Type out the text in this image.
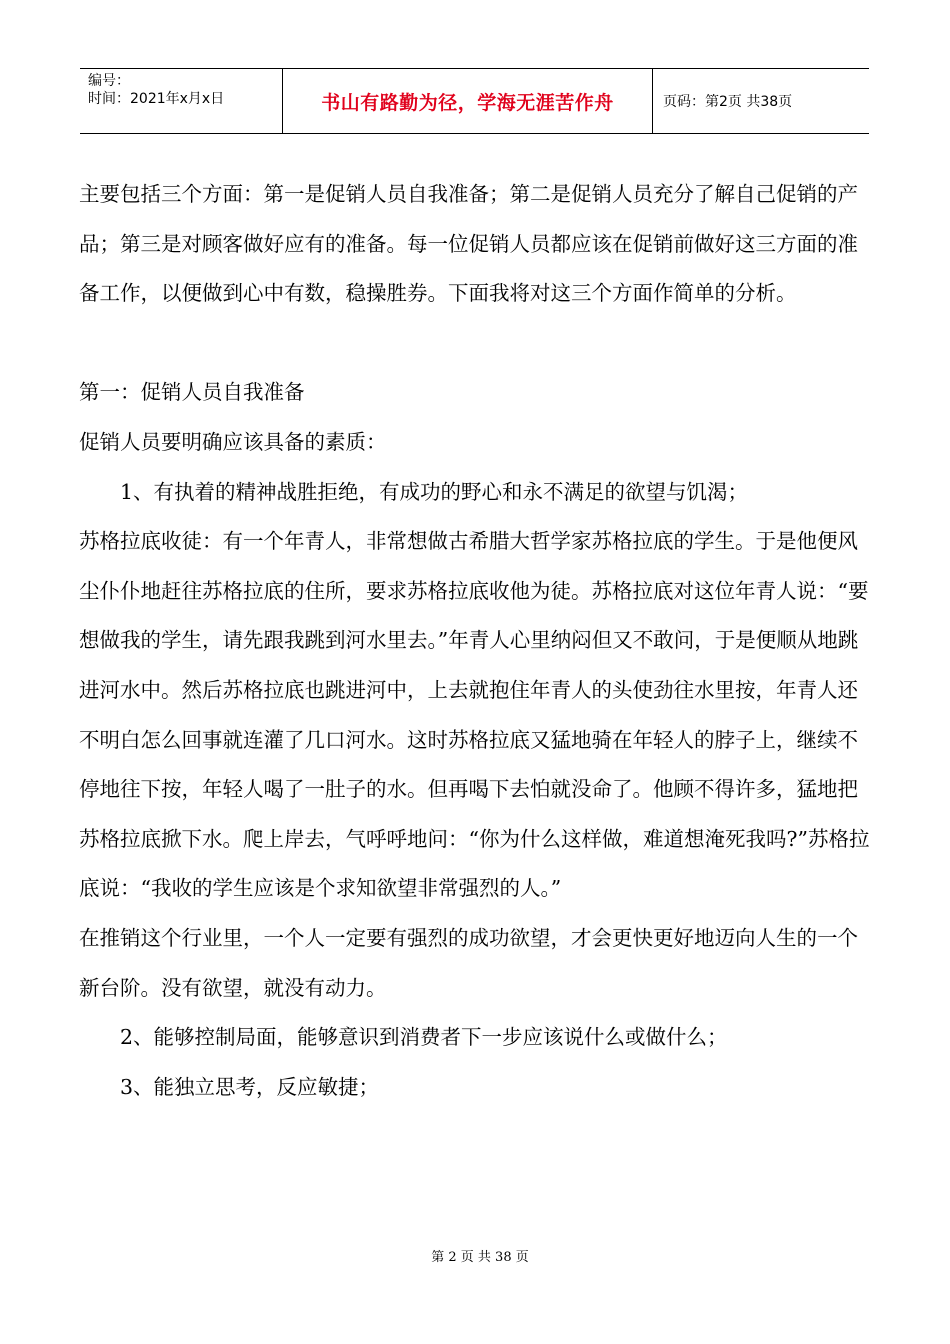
编号：
时间：2021年x月x日	书山有路勤为径，学海无涯苦作舟	页码：第2页 共38页

主要包括三个方面：第一是促销人员自我准备；第二是促销人员充分了解自己促销的产品；第三是对顾客做好应有的准备。每一位促销人员都应该在促销前做好这三方面的准备工作，以便做到心中有数，稳操胜券。下面我将对这三个方面作简单的分析。

第一：促销人员自我准备

促销人员要明确应该具备的素质：

1、有执着的精神战胜拒绝，有成功的野心和永不满足的欲望与饥渴；

苏格拉底收徒：有一个年青人，非常想做古希腊大哲学家苏格拉底的学生。于是他便风尘仆仆地赶往苏格拉底的住所，要求苏格拉底收他为徒。苏格拉底对这位年青人说：“要想做我的学生，请先跟我跳到河水里去。”年青人心里纳闷但又不敢问，于是便顺从地跳进河水中。然后苏格拉底也跳进河中，上去就抱住年青人的头使劲往水里按，年青人还不明白怎么回事就连灌了几口河水。这时苏格拉底又猛地骑在年轻人的脖子上，继续不停地往下按，年轻人喝了一肚子的水。但再喝下去怕就没命了。他顾不得许多，猛地把苏格拉底掀下水。爬上岸去，气呼呼地问：“你为什么这样做，难道想淹死我吗?”苏格拉底说：“我收的学生应该是个求知欲望非常强烈的人。”

在推销这个行业里，一个人一定要有强烈的成功欲望，才会更快更好地迈向人生的一个新台阶。没有欲望，就没有动力。

2、能够控制局面，能够意识到消费者下一步应该说什么或做什么；

3、能独立思考，反应敏捷；

第 2 页 共 38 页
